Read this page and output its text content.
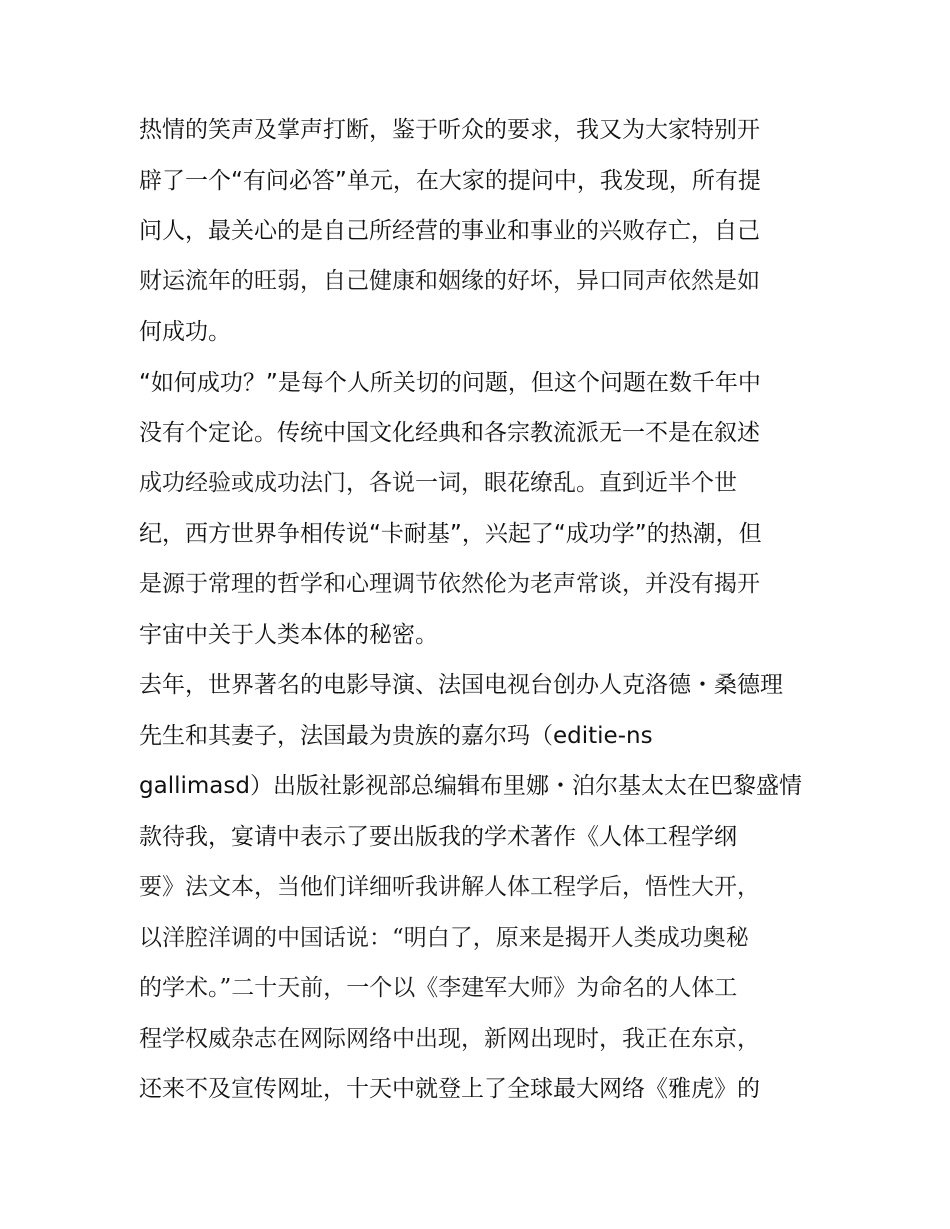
热情的笑声及掌声打断，鉴于听众的要求，我又为大家特别开
辟了一个“有问必答”单元，在大家的提问中，我发现，所有提
问人，最关心的是自己所经营的事业和事业的兴败存亡，自己
财运流年的旺弱，自己健康和姻缘的好坏，异口同声依然是如
何成功。
“如何成功？”是每个人所关切的问题，但这个问题在数千年中
没有个定论。传统中国文化经典和各宗教流派无一不是在叙述
成功经验或成功法门，各说一词，眼花缭乱。直到近半个世
纪，西方世界争相传说“卡耐基”，兴起了“成功学”的热潮，但
是源于常理的哲学和心理调节依然伦为老声常谈，并没有揭开
宇宙中关于人类本体的秘密。
去年，世界著名的电影导演、法国电视台创办人克洛德・桑德理
先生和其妻子，法国最为贵族的嘉尔玛（editie-ns
gallimasd）出版社影视部总编辑布里娜・泊尔基太太在巴黎盛情
款待我，宴请中表示了要出版我的学术著作《人体工程学纲
要》法文本，当他们详细听我讲解人体工程学后，悟性大开，
以洋腔洋调的中国话说：“明白了，原来是揭开人类成功奥秘
的学术。”二十天前，一个以《李建军大师》为命名的人体工
程学权威杂志在网际网络中出现，新网出现时，我正在东京，
还来不及宣传网址，十天中就登上了全球最大网络《雅虎》的
